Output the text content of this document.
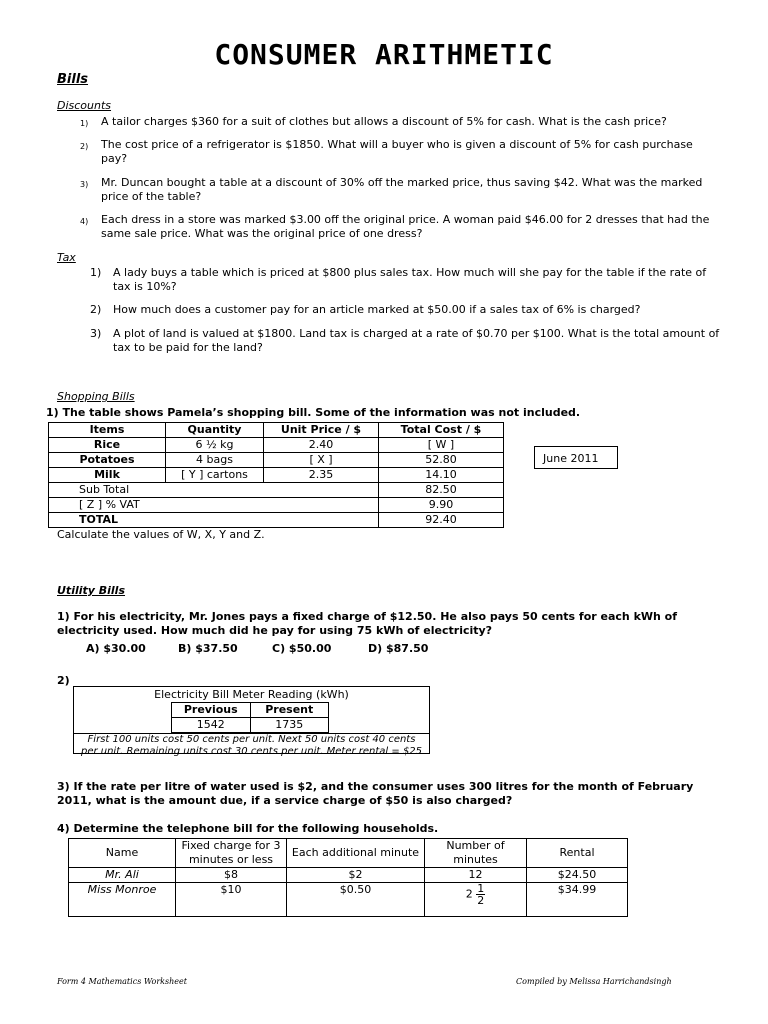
CONSUMER ARITHMETIC
Bills
Discounts
1) A tailor charges $360 for a suit of clothes but allows a discount of 5% for cash. What is the cash price?
2) The cost price of a refrigerator is $1850. What will a buyer who is given a discount of 5% for cash purchase pay?
3) Mr. Duncan bought a table at a discount of 30% off the marked price, thus saving $42. What was the marked price of the table?
4) Each dress in a store was marked $3.00 off the original price. A woman paid $46.00 for 2 dresses that had the same sale price. What was the original price of one dress?
Tax
1) A lady buys a table which is priced at $800 plus sales tax. How much will she pay for the table if the rate of tax is 10%?
2) How much does a customer pay for an article marked at $50.00 if a sales tax of 6% is charged?
3) A plot of land is valued at $1800. Land tax is charged at a rate of $0.70 per $100. What is the total amount of tax to be paid for the land?
Shopping Bills
1) The table shows Pamela’s shopping bill. Some of the information was not included.
Items	Quantity	Unit Price / $	Total Cost / $
Rice	6 ½ kg	2.40	[ W ]
Potatoes	4 bags	[ X ]	52.80
Milk	[ Y ] cartons	2.35	14.10
Sub Total			82.50
[ Z ] % VAT			9.90
TOTAL			92.40
June 2011
Calculate the values of W, X, Y and Z.
Utility Bills
1) For his electricity, Mr. Jones pays a fixed charge of $12.50. He also pays 50 cents for each kWh of electricity used. How much did he pay for using 75 kWh of electricity?
A) $30.00	B) $37.50	C) $50.00	D) $87.50
2)
Electricity Bill Meter Reading (kWh)
Previous	Present
1542	1735
First 100 units cost 50 cents per unit. Next 50 units cost 40 cents per unit. Remaining units cost 30 cents per unit. Meter rental = $25
3) If the rate per litre of water used is $2, and the consumer uses 300 litres for the month of February 2011, what is the amount due, if a service charge of $50 is also charged?
4) Determine the telephone bill for the following households.
Name	Fixed charge for 3 minutes or less	Each additional minute	Number of minutes	Rental
Mr. Ali	$8	$2	12	$24.50
Miss Monroe	$10	$0.50	$2 \frac{1}{2}$	$34.99
Form 4 Mathematics Worksheet	Compiled by Melissa Harrichandsingh
